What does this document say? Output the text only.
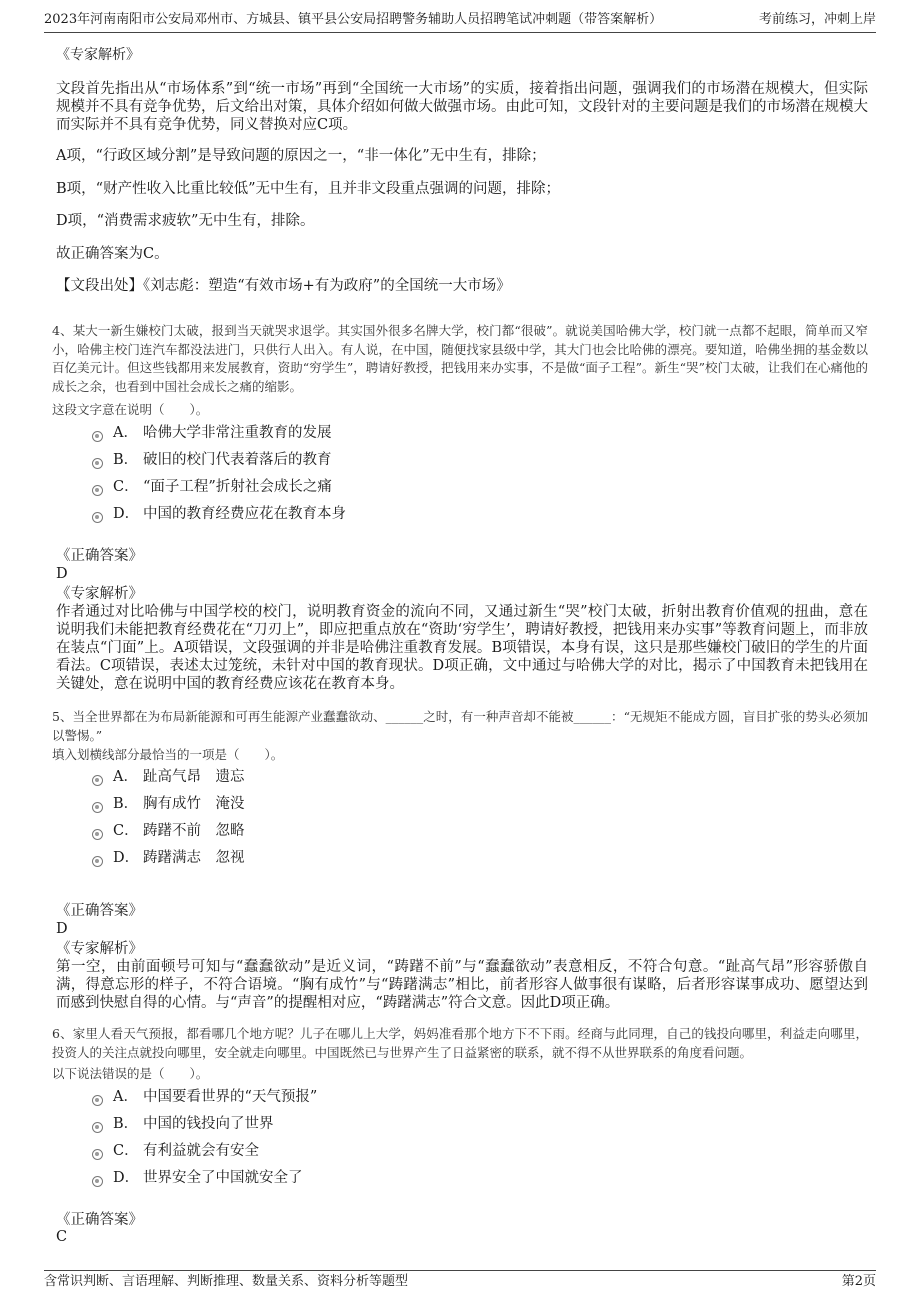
2023年河南南阳市公安局邓州市、方城县、镇平县公安局招聘警务辅助人员招聘笔试冲刺题（带答案解析）	考前练习，冲刺上岸
《专家解析》
文段首先指出从“市场体系”到“统一市场”再到“全国统一大市场”的实质，接着指出问题，强调我们的市场潜在规模大，但实际规模并不具有竞争优势，后文给出对策，具体介绍如何做大做强市场。由此可知，文段针对的主要问题是我们的市场潜在规模大而实际并不具有竞争优势，同义替换对应C项。
A项，“行政区域分割”是导致问题的原因之一，“非一体化”无中生有，排除；
B项，“财产性收入比重比较低”无中生有，且并非文段重点强调的问题，排除；
D项，“消费需求疲软”无中生有，排除。
故正确答案为C。
【文段出处】《刘志彪：塑造“有效市场+有为政府”的全国统一大市场》
4、某大一新生嫌校门太破，报到当天就哭求退学。其实国外很多名牌大学，校门都“很破”。就说美国哈佛大学，校门就一点都不起眼，简单而又窄小，哈佛主校门连汽车都没法进门，只供行人出入。有人说，在中国，随便找家县级中学，其大门也会比哈佛的漂亮。要知道，哈佛坐拥的基金数以百亿美元计。但这些钱都用来发展教育，资助“穷学生”，聘请好教授，把钱用来办实事，不是做“面子工程”。新生“哭”校门太破，让我们在心痛他的成长之余，也看到中国社会成长之痛的缩影。
这段文字意在说明（　　）。
A． 哈佛大学非常注重教育的发展
B． 破旧的校门代表着落后的教育
C． “面子工程”折射社会成长之痛
D． 中国的教育经费应花在教育本身
《正确答案》
D
《专家解析》
作者通过对比哈佛与中国学校的校门，说明教育资金的流向不同，又通过新生“哭”校门太破，折射出教育价值观的扭曲，意在说明我们未能把教育经费花在“刀刃上”，即应把重点放在“资助‘穷学生’，聘请好教授，把钱用来办实事”等教育问题上，而非放在装点“门面”上。A项错误，文段强调的并非是哈佛注重教育发展。B项错误，本身有误，这只是那些嫌校门破旧的学生的片面看法。C项错误，表述太过笼统，未针对中国的教育现状。D项正确，文中通过与哈佛大学的对比，揭示了中国教育未把钱用在关键处，意在说明中国的教育经费应该花在教育本身。
5、当全世界都在为布局新能源和可再生能源产业蠢蠢欲动、______之时，有一种声音却不能被______：“无规矩不能成方圆，盲目扩张的势头必须加以警惕。”
填入划横线部分最恰当的一项是（　　）。
A． 趾高气昂　遗忘
B． 胸有成竹　淹没
C． 踌躇不前　忽略
D． 踌躇满志　忽视
《正确答案》
D
《专家解析》
第一空，由前面顿号可知与“蠢蠢欲动”是近义词，“踌躇不前”与“蠢蠢欲动”表意相反，不符合句意。“趾高气昂”形容骄傲自满，得意忘形的样子，不符合语境。“胸有成竹”与“踌躇满志”相比，前者形容人做事很有谋略，后者形容谋事成功、愿望达到而感到快慰自得的心情。与“声音”的提醒相对应，“踌躇满志”符合文意。因此D项正确。
6、家里人看天气预报，都看哪几个地方呢？儿子在哪儿上大学，妈妈准看那个地方下不下雨。经商与此同理，自己的钱投向哪里，利益走向哪里，投资人的关注点就投向哪里，安全就走向哪里。中国既然已与世界产生了日益紧密的联系，就不得不从世界联系的角度看问题。
以下说法错误的是（　　）。
A． 中国要看世界的“天气预报”
B． 中国的钱投向了世界
C． 有利益就会有安全
D． 世界安全了中国就安全了
《正确答案》
C
含常识判断、言语理解、判断推理、数量关系、资料分析等题型	第2页
